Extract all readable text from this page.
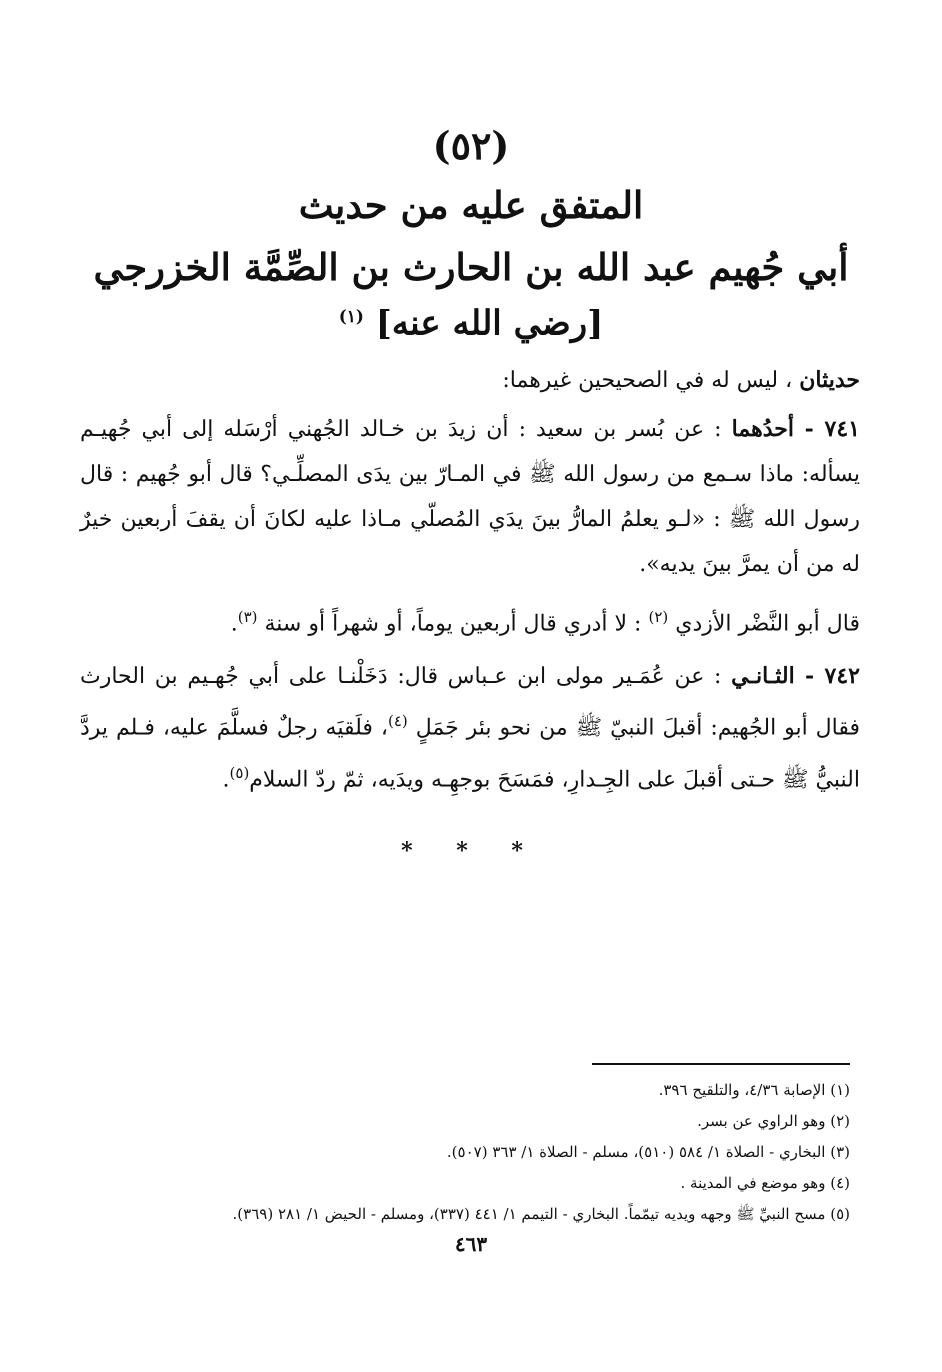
(٥٢)
المتفق عليه من حديث
أبي جُهيم عبد الله بن الحارث بن الصِّمَّة الخزرجي
[رضي الله عنه] $^{(١)}$

حديثان ، ليس له في الصحيحين غيرهما:

٧٤١ - أحدُهما : عن بُسر بن سعيد : أن زيدَ بن خـالد الجُهني أرْسَله إلى أبي جُهيـم يسأله: ماذا سـمع من رسول الله ﷺ في المـارّ بين يدَى المصلِّـي؟ قال أبو جُهيم : قال رسول الله ﷺ : «لـو يعلمُ المارُّ بينَ يدَي المُصلّي مـاذا عليه لكانَ أن يقفَ أربعين خيرٌ له من أن يمرَّ بينَ يديه».

قال أبو النَّضْر الأزدي $^{(٢)}$ : لا أدري قال أربعين يوماً، أو شهراً أو سنة $^{(٣)}$.

٧٤٢ - الثـانـي : عن عُمَـير مولى ابن عـباس قال: دَخَلْنـا على أبي جُهـيم بن الحارث فقال أبو الجُهيم: أقبلَ النبيّ ﷺ من نحو بئر جَمَلٍ $^{(٤)}$، فلَقيَه رجلٌ فسلَّمَ عليه، فـلم يردَّ النبيُّ ﷺ حـتى أقبلَ على الجِـدارِ، فمَسَحَ بوجهِـه ويدَيه، ثمّ ردّ السلام$^{(٥)}$.

* * *
(١) الإصابة ٤/٣٦، والتلقيح ٣٩٦.
(٢) وهو الراوي عن بسر.
(٣) البخاري - الصلاة ١/ ٥٨٤ (٥١٠)، مسلم - الصلاة ١/ ٣٦٣ (٥٠٧).
(٤) وهو موضع في المدينة .
(٥) مسح النبيِّ ﷺ وجهه ويديه تيمّماً. البخاري - التيمم ١/ ٤٤١ (٣٣٧)، ومسلم - الحيض ١/ ٢٨١ (٣٦٩).
٤٦٣
